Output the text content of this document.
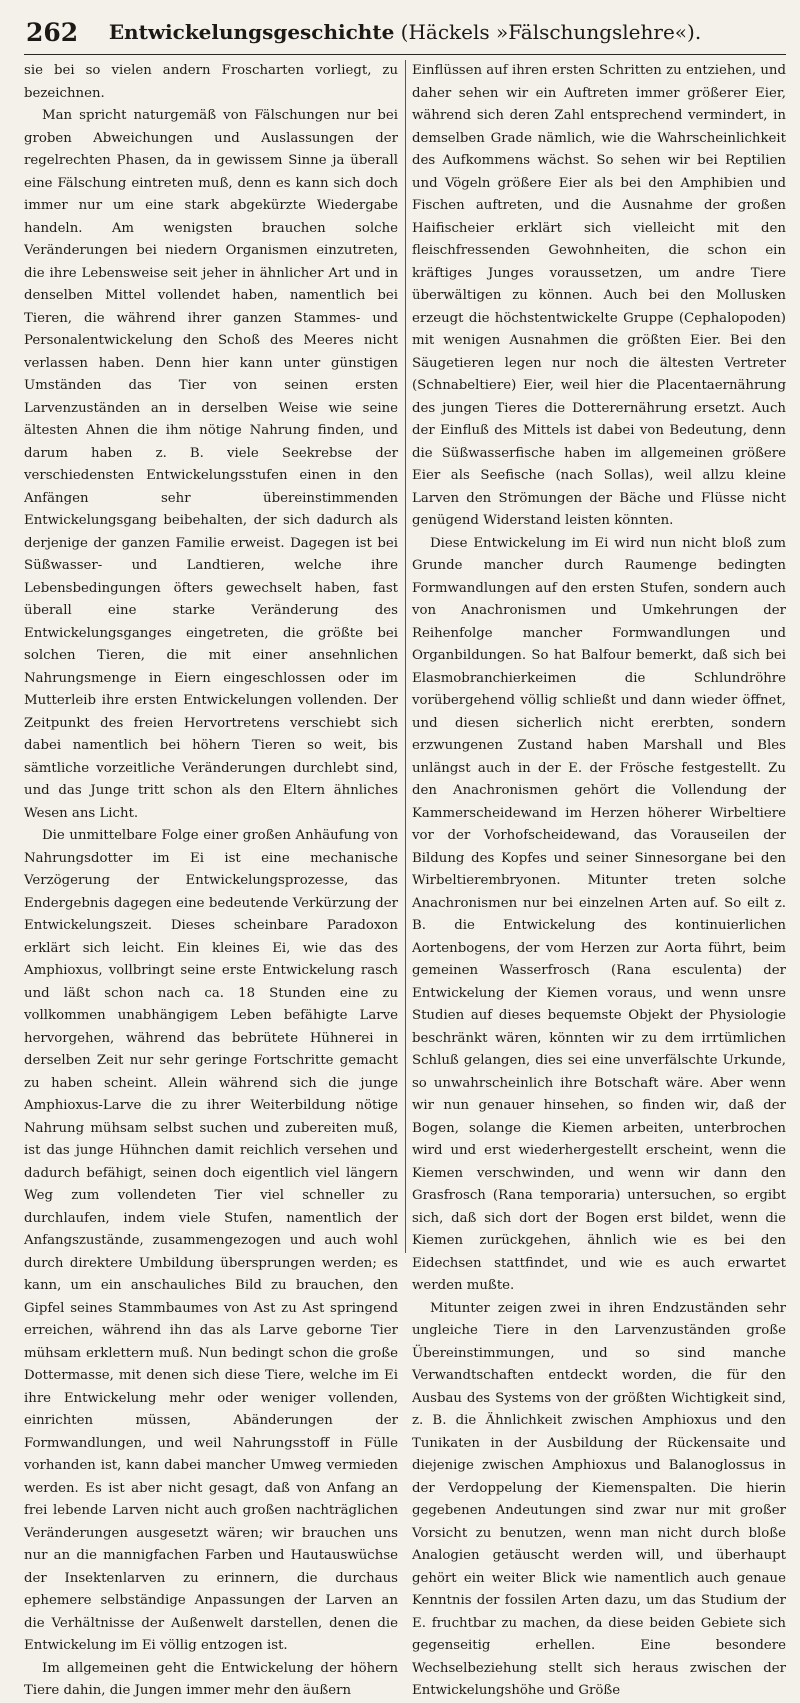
262	Entwickelungsgeschichte (Häckels »Fälschungslehre«).

sie bei so vielen andern Froscharten vorliegt, zu bezeichnen.

Man spricht naturgemäß von Fälschungen nur bei groben Abweichungen und Auslassungen der regelrechten Phasen, da in gewissem Sinne ja überall eine Fälschung eintreten muß, denn es kann sich doch immer nur um eine stark abgekürzte Wiedergabe handeln. Am wenigsten brauchen solche Veränderungen bei niedern Organismen einzutreten, die ihre Lebensweise seit jeher in ähnlicher Art und in denselben Mittel vollendet haben, namentlich bei Tieren, die während ihrer ganzen Stammes- und Personalentwickelung den Schoß des Meeres nicht verlassen haben. Denn hier kann unter günstigen Umständen das Tier von seinen ersten Larvenzuständen an in derselben Weise wie seine ältesten Ahnen die ihm nötige Nahrung finden, und darum haben z. B. viele Seekrebse der verschiedensten Entwickelungsstufen einen in den Anfängen sehr übereinstimmenden Entwickelungsgang beibehalten, der sich dadurch als derjenige der ganzen Familie erweist. Dagegen ist bei Süßwasser- und Landtieren, welche ihre Lebensbedingungen öfters gewechselt haben, fast überall eine starke Veränderung des Entwickelungsganges eingetreten, die größte bei solchen Tieren, die mit einer ansehnlichen Nahrungsmenge in Eiern eingeschlossen oder im Mutterleib ihre ersten Entwickelungen vollenden. Der Zeitpunkt des freien Hervortretens verschiebt sich dabei namentlich bei höhern Tieren so weit, bis sämtliche vorzeitliche Veränderungen durchlebt sind, und das Junge tritt schon als den Eltern ähnliches Wesen ans Licht.

Die unmittelbare Folge einer großen Anhäufung von Nahrungsdotter im Ei ist eine mechanische Verzögerung der Entwickelungsprozesse, das Endergebnis dagegen eine bedeutende Verkürzung der Entwickelungszeit. Dieses scheinbare Paradoxon erklärt sich leicht. Ein kleines Ei, wie das des Amphioxus, vollbringt seine erste Entwickelung rasch und läßt schon nach ca. 18 Stunden eine zu vollkommen unabhängigem Leben befähigte Larve hervorgehen, während das bebrütete Hühnerei in derselben Zeit nur sehr geringe Fortschritte gemacht zu haben scheint. Allein während sich die junge Amphioxus-Larve die zu ihrer Weiterbildung nötige Nahrung mühsam selbst suchen und zubereiten muß, ist das junge Hühnchen damit reichlich versehen und dadurch befähigt, seinen doch eigentlich viel längern Weg zum vollendeten Tier viel schneller zu durchlaufen, indem viele Stufen, namentlich der Anfangszustände, zusammengezogen und auch wohl durch direktere Umbildung übersprungen werden; es kann, um ein anschauliches Bild zu brauchen, den Gipfel seines Stammbaumes von Ast zu Ast springend erreichen, während ihn das als Larve geborne Tier mühsam erklettern muß. Nun bedingt schon die große Dottermasse, mit denen sich diese Tiere, welche im Ei ihre Entwickelung mehr oder weniger vollenden, einrichten müssen, Abänderungen der Formwandlungen, und weil Nahrungsstoff in Fülle vorhanden ist, kann dabei mancher Umweg vermieden werden. Es ist aber nicht gesagt, daß von Anfang an frei lebende Larven nicht auch großen nachträglichen Veränderungen ausgesetzt wären; wir brauchen uns nur an die mannigfachen Farben und Hautauswüchse der Insektenlarven zu erinnern, die durchaus ephemere selbständige Anpassungen der Larven an die Verhältnisse der Außenwelt darstellen, denen die Entwickelung im Ei völlig entzogen ist.

Im allgemeinen geht die Entwickelung der höhern Tiere dahin, die Jungen immer mehr den äußern

Einflüssen auf ihren ersten Schritten zu entziehen, und daher sehen wir ein Auftreten immer größerer Eier, während sich deren Zahl entsprechend vermindert, in demselben Grade nämlich, wie die Wahrscheinlichkeit des Aufkommens wächst. So sehen wir bei Reptilien und Vögeln größere Eier als bei den Amphibien und Fischen auftreten, und die Ausnahme der großen Haifischeier erklärt sich vielleicht mit den fleischfressenden Gewohnheiten, die schon ein kräftiges Junges voraussetzen, um andre Tiere überwältigen zu können. Auch bei den Mollusken erzeugt die höchstentwickelte Gruppe (Cephalopoden) mit wenigen Ausnahmen die größten Eier. Bei den Säugetieren legen nur noch die ältesten Vertreter (Schnabeltiere) Eier, weil hier die Placentaernährung des jungen Tieres die Dotterernährung ersetzt. Auch der Einfluß des Mittels ist dabei von Bedeutung, denn die Süßwasserfische haben im allgemeinen größere Eier als Seefische (nach Sollas), weil allzu kleine Larven den Strömungen der Bäche und Flüsse nicht genügend Widerstand leisten könnten.

Diese Entwickelung im Ei wird nun nicht bloß zum Grunde mancher durch Raumenge bedingten Formwandlungen auf den ersten Stufen, sondern auch von Anachronismen und Umkehrungen der Reihenfolge mancher Formwandlungen und Organbildungen. So hat Balfour bemerkt, daß sich bei Elasmobranchierkeimen die Schlundröhre vorübergehend völlig schließt und dann wieder öffnet, und diesen sicherlich nicht ererbten, sondern erzwungenen Zustand haben Marshall und Bles unlängst auch in der E. der Frösche festgestellt. Zu den Anachronismen gehört die Vollendung der Kammerscheidewand im Herzen höherer Wirbeltiere vor der Vorhofscheidewand, das Vorauseilen der Bildung des Kopfes und seiner Sinnesorgane bei den Wirbeltierembryonen. Mitunter treten solche Anachronismen nur bei einzelnen Arten auf. So eilt z. B. die Entwickelung des kontinuierlichen Aortenbogens, der vom Herzen zur Aorta führt, beim gemeinen Wasserfrosch (Rana esculenta) der Entwickelung der Kiemen voraus, und wenn unsre Studien auf dieses bequemste Objekt der Physiologie beschränkt wären, könnten wir zu dem irrtümlichen Schluß gelangen, dies sei eine unverfälschte Urkunde, so unwahrscheinlich ihre Botschaft wäre. Aber wenn wir nun genauer hinsehen, so finden wir, daß der Bogen, solange die Kiemen arbeiten, unterbrochen wird und erst wiederhergestellt erscheint, wenn die Kiemen verschwinden, und wenn wir dann den Grasfrosch (Rana temporaria) untersuchen, so ergibt sich, daß sich dort der Bogen erst bildet, wenn die Kiemen zurückgehen, ähnlich wie es bei den Eidechsen stattfindet, und wie es auch erwartet werden mußte.

Mitunter zeigen zwei in ihren Endzuständen sehr ungleiche Tiere in den Larvenzuständen große Übereinstimmungen, und so sind manche Verwandtschaften entdeckt worden, die für den Ausbau des Systems von der größten Wichtigkeit sind, z. B. die Ähnlichkeit zwischen Amphioxus und den Tunikaten in der Ausbildung der Rückensaite und diejenige zwischen Amphioxus und Balanoglossus in der Verdoppelung der Kiemenspalten. Die hierin gegebenen Andeutungen sind zwar nur mit großer Vorsicht zu benutzen, wenn man nicht durch bloße Analogien getäuscht werden will, und überhaupt gehört ein weiter Blick wie namentlich auch genaue Kenntnis der fossilen Arten dazu, um das Studium der E. fruchtbar zu machen, da diese beiden Gebiete sich gegenseitig erhellen. Eine besondere Wechselbeziehung stellt sich heraus zwischen der Entwickelungshöhe und Größe
